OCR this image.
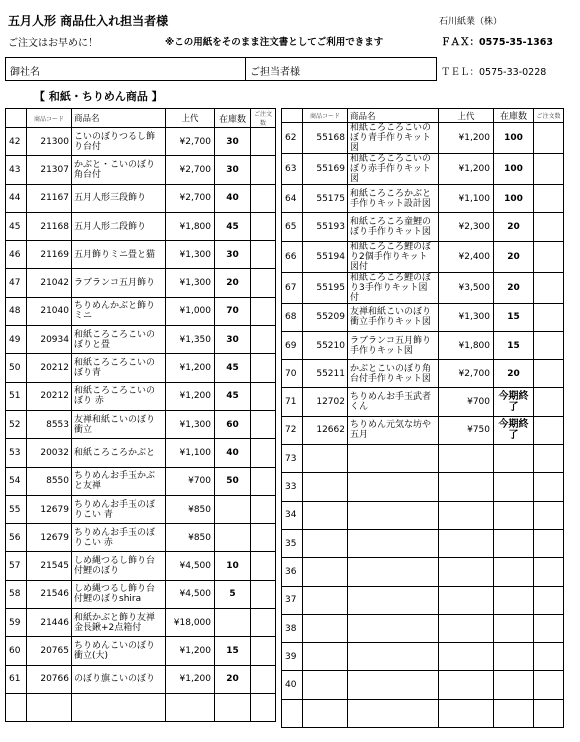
五月人形 商品仕入れ担当者様	石川紙業（株）
ご注文はお早めに！	※この用紙をそのまま注文書としてご利用できます	ＦＡＸ：0575-35-1363
御社名	ご担当者様	ＴＥＬ：0575-33-0228
【 和紙・ちりめん商品 】
	商品コード	商品名	上代	在庫数	ご注文数
42	21300	こいのぼりつるし飾り台付	¥2,700	30	
43	21307	かぶと・こいのぼり角台付	¥2,700	30	
44	21167	五月人形三段飾り	¥2,700	40	
45	21168	五月人形二段飾り	¥1,800	45	
46	21169	五月飾りミニ畳と猫	¥1,300	30	
47	21042	ラブランコ五月飾り	¥1,300	20	
48	21040	ちりめんかぶと飾りミニ	¥1,000	70	
49	20934	和紙ころころこいのぼりと畳	¥1,350	30	
50	20212	和紙ころころこいのぼり青	¥1,200	45	
51	20212	和紙ころころこいのぼり 赤	¥1,200	45	
52	8553	友禅和紙こいのぼり衝立	¥1,300	60	
53	20032	和紙ころころかぶと	¥1,100	40	
54	8550	ちりめんお手玉かぶと友禅	¥700	50	
55	12679	ちりめんお手玉のぼりこい 青	¥850		
56	12679	ちりめんお手玉のぼりこい 赤	¥850		
57	21545	しめ縄つるし飾り台付鯉のぼり	¥4,500	10	
58	21546	しめ縄つるし飾り台付鯉のぼりshira	¥4,500	5	
59	21446	和紙かぶと飾り友禅金長鍬+2点箱付	¥18,000		
60	20765	ちりめんこいのぼり衝立(大)	¥1,200	15	
61	20766	のぼり旗こいのぼり	¥1,200	20	

	商品コード	商品名	上代	在庫数	ご注文数
62	55168	和紙ころころこいのぼり青手作りキット図	¥1,200	100	
63	55169	和紙ころころこいのぼり赤手作りキット図	¥1,200	100	
64	55175	和紙ころころかぶと手作りキット設計図	¥1,100	100	
65	55193	和紙ころころ童鯉のぼり手作りキット図	¥2,300	20	
66	55194	和紙ころころ鯉のぼり2個手作りキット図付	¥2,400	20	
67	55195	和紙ころころ鯉のぼり3手作りキット図付	¥3,500	20	
68	55209	友禅和紙こいのぼり衝立手作りキット図	¥1,300	15	
69	55210	ラブランコ五月飾り手作りキット図	¥1,800	15	
70	55211	かぶとこいのぼり角台付手作りキット図	¥2,700	20	
71	12702	ちりめんお手玉武者くん	¥700	今期終了	
72	12662	ちりめん元気な坊や五月	¥750	今期終了	
73					
33					
34					
35					
36					
37					
38					
39					
40					
